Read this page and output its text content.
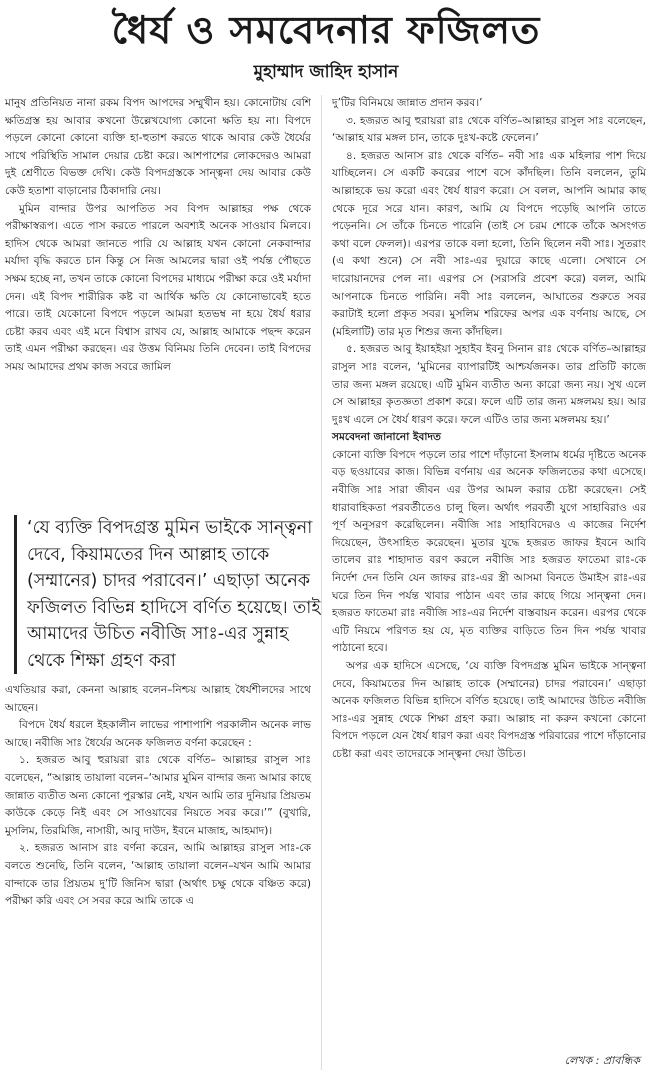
ধৈর্য ও সমবেদনার ফজিলত
মুহাম্মাদ জাহিদ হাসান

মানুষ প্রতিনিয়ত নানা রকম বিপদ আপদের সম্মুখীন হয়। কোনোটায় বেশি ক্ষতিগ্রস্ত হয় আবার কখনো উল্লেখযোগ্য কোনো ক্ষতি হয় না। বিপদে পড়লে কোনো কোনো ব্যক্তি হা-হুতাশ করতে থাকে আবার কেউ ধৈর্যের সাথে পরিস্থিতি সামাল দেয়ার চেষ্টা করে। আশপাশের লোকদেরও আমরা দুই শ্রেণীতে বিভক্ত দেখি। কেউ বিপদগ্রস্তকে সান্ত্বনা দেয় আবার কেউ কেউ হতাশা বাড়ানোর ঠিকাদারি নেয়।

মুমিন বান্দার উপর আপতিত সব বিপদ আল্লাহর পক্ষ থেকে পরীক্ষাস্বরূপ। এতে পাস করতে পারলে অবশ্যই অনেক সাওয়াব মিলবে। হাদিস থেকে আমরা জানতে পারি যে আল্লাহ যখন কোনো নেকবান্দার মর্যাদা বৃদ্ধি করতে চান কিন্তু সে নিজ আমলের দ্বারা ওই পর্যন্ত পৌছতে সক্ষম হচ্ছে না, তখন তাকে কোনো বিপদের মাধ্যমে পরীক্ষা করে ওই মর্যাদা দেন। এই বিপদ শারীরিক কষ্ট বা আর্থিক ক্ষতি যে কোনোভাবেই হতে পারে। তাই যেকোনো বিপদে পড়লে আমরা হতভম্ব না হয়ে ধৈর্য ধরার চেষ্টা করব এবং এই মনে বিশ্বাস রাখব যে, আল্লাহ আমাকে পছন্দ করেন তাই এমন পরীক্ষা করছেন। এর উত্তম বিনিময় তিনি দেবেন। তাই বিপদের সময় আমাদের প্রথম কাজ সবরে জামিল

‘যে ব্যক্তি বিপদগ্রস্ত মুমিন ভাইকে সান্ত্বনা দেবে, কিয়ামতের দিন আল্লাহ তাকে (সম্মানের) চাদর পরাবেন।’ এছাড়া অনেক ফজিলত বিভিন্ন হাদিসে বর্ণিত হয়েছে। তাই আমাদের উচিত নবীজি সাঃ-এর সুন্নাহ থেকে শিক্ষা গ্রহণ করা

এখতিয়ার করা, কেননা আল্লাহ বলেন–নিশ্চয় আল্লাহ ধৈর্যশীলদের সাথে আছেন।

বিপদে ধৈর্য ধরলে ইহকালীন লাভের পাশাপাশি পরকালীন অনেক লাভ আছে। নবীজি সাঃ ধৈর্যের অনেক ফজিলত বর্ণনা করেছেন :

১. হজরত আবু হুরায়রা রাঃ থেকে বর্ণিত– আল্লাহর রাসুল সাঃ বলেছেন, “আল্লাহ তায়ালা বলেন–‘আমার মুমিন বান্দার জন্য আমার কাছে জান্নাত ব্যতীত অন্য কোনো পুরস্কার নেই, যখন আমি তার দুনিয়ার প্রিয়তম কাউকে কেড়ে নিই এবং সে সাওয়াবের নিয়তে সবর করে।’” (বুখারি, মুসলিম, তিরমিজি, নাসায়ী, আবু দাউদ, ইবনে মাজাহ, আহমাদ)।

২. হজরত আনাস রাঃ বর্ণনা করেন, আমি আল্লাহর রাসুল সাঃ-কে বলতে শুনেছি, তিনি বলেন, ‘আল্লাহ তায়ালা বলেন–যখন আমি আমার বান্দাকে তার প্রিয়তম দু’টি জিনিস দ্বারা (অর্থাৎ চক্ষু থেকে বঞ্চিত করে) পরীক্ষা করি এবং সে সবর করে আমি তাকে এ

দু’টির বিনিময়ে জান্নাত প্রদান করব।’

৩. হজরত আবু হুরায়রা রাঃ থেকে বর্ণিত–আল্লাহর রাসুল সাঃ বলেছেন, ‘আল্লাহ যার মঙ্গল চান, তাকে দুঃখ-কষ্টে ফেলেন।’

৪. হজরত আনাস রাঃ থেকে বর্ণিত– নবী সাঃ এক মহিলার পাশ দিয়ে যাচ্ছিলেন। সে একটি কবরের পাশে বসে কাঁদছিল। তিনি বললেন, তুমি আল্লাহকে ভয় করো এবং ধৈর্য ধারণ করো। সে বলল, আপনি আমার কাছ থেকে দূরে সরে যান। কারণ, আমি যে বিপদে পড়েছি আপনি তাতে পড়েননি। সে তাঁকে চিনতে পারেনি (তাই সে চরম শোকে তাঁকে অসংগত কথা বলে ফেলল)। এরপর তাকে বলা হলো, তিনি ছিলেন নবী সাঃ। সুতরাং (এ কথা শুনে) সে নবী সাঃ-এর দুয়ারে কাছে এলো। সেখানে সে দারোয়ানদের পেল না। এরপর সে (সরাসরি প্রবেশ করে) বলল, আমি আপনাকে চিনতে পারিনি। নবী সাঃ বললেন, আঘাতের শুরুতে সবর করাটাই হলো প্রকৃত সবর। মুসলিম শরিফের অপর এক বর্ণনায় আছে, সে (মহিলাটি) তার মৃত শিশুর জন্য কাঁদছিল।

৫. হজরত আবু ইয়াহইয়া সুহাইব ইবনু সিনান রাঃ থেকে বর্ণিত–আল্লাহর রাসুল সাঃ বলেন, ‘মুমিনের ব্যাপারটিই আশ্চর্যজনক। তার প্রতিটি কাজে তার জন্য মঙ্গল রয়েছে। এটি মুমিন ব্যতীত অন্য কারো জন্য নয়। সুখ এলে সে আল্লাহর কৃতজ্ঞতা প্রকাশ করে। ফলে এটি তার জন্য মঙ্গলময় হয়। আর দুঃখ এলে সে ধৈর্য ধারণ করে। ফলে এটিও তার জন্য মঙ্গলময় হয়।’

সমবেদনা জানানো ইবাদত

কোনো ব্যক্তি বিপদে পড়লে তার পাশে দাঁড়ানো ইসলাম ধর্মের দৃষ্টিতে অনেক বড় ছওয়াবের কাজ। বিভিন্ন বর্ণনায় এর অনেক ফজিলতের কথা এসেছে। নবীজি সাঃ সারা জীবন এর উপর আমল করার চেষ্টা করেছেন। সেই ধারাবাহিকতা পরবর্তীতেও চালু ছিল। অর্থাৎ পরবর্তী যুগে সাহাবিরাও এর পূর্ণ অনুসরণ করেছিলেন। নবীজি সাঃ সাহাবিদেরও এ কাজের নির্দেশ দিয়েছেন, উৎসাহিত করেছেন। মুতার যুদ্ধে হজরত জাফর ইবনে আবি তালেব রাঃ শাহাদাত বরণ করলে নবীজি সাঃ হজরত ফাতেমা রাঃ-কে নির্দেশ দেন তিনি যেন জাফর রাঃ-এর স্ত্রী আসমা বিনতে উমাইস রাঃ-এর ঘরে তিন দিন পর্যন্ত খাবার পাঠান এবং তার কাছে গিয়ে সান্ত্বনা দেন। হজরত ফাতেমা রাঃ নবীজি সাঃ-এর নির্দেশ বাস্তবায়ন করেন। এরপর থেকে এটি নিয়মে পরিণত হয় যে, মৃত ব্যক্তির বাড়িতে তিন দিন পর্যন্ত খাবার পাঠানো হবে।

অপর এক হাদিসে এসেছে, ‘যে ব্যক্তি বিপদগ্রস্ত মুমিন ভাইকে সান্ত্বনা দেবে, কিয়ামতের দিন আল্লাহ তাকে (সম্মানের) চাদর পরাবেন।’ এছাড়া অনেক ফজিলত বিভিন্ন হাদিসে বর্ণিত হয়েছে। তাই আমাদের উচিত নবীজি সাঃ-এর সুন্নাহ থেকে শিক্ষা গ্রহণ করা। আল্লাহ না করুন কখনো কোনো বিপদে পড়লে যেন ধৈর্য ধারণ করা এবং বিপদগ্রস্ত পরিবারের পাশে দাঁড়ানোর চেষ্টা করা এবং তাদেরকে সান্ত্বনা দেয়া উচিত।

লেখক : প্রাবন্ধিক
